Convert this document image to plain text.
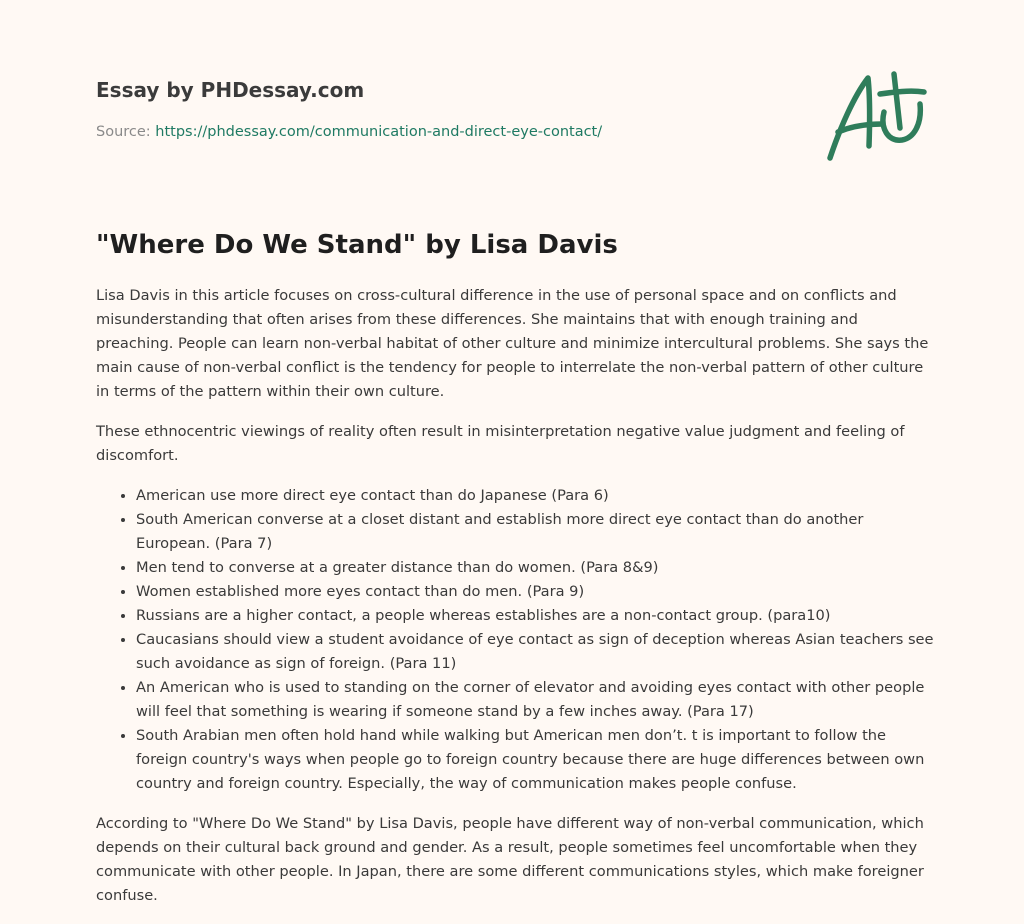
Essay by PHDessay.com
Source: https://phdessay.com/communication-and-direct-eye-contact/
"Where Do We Stand" by Lisa Davis

Lisa Davis in this article focuses on cross-cultural difference in the use of personal space and on conflicts and misunderstanding that often arises from these differences. She maintains that with enough training and preaching. People can learn non-verbal habitat of other culture and minimize intercultural problems. She says the main cause of non-verbal conflict is the tendency for people to interrelate the non-verbal pattern of other culture in terms of the pattern within their own culture.

These ethnocentric viewings of reality often result in misinterpretation negative value judgment and feeling of discomfort.

• American use more direct eye contact than do Japanese (Para 6)
• South American converse at a closet distant and establish more direct eye contact than do another European. (Para 7)
• Men tend to converse at a greater distance than do women. (Para 8&9)
• Women established more eyes contact than do men. (Para 9)
• Russians are a higher contact, a people whereas establishes are a non-contact group. (para10)
• Caucasians should view a student avoidance of eye contact as sign of deception whereas Asian teachers see such avoidance as sign of foreign. (Para 11)
• An American who is used to standing on the corner of elevator and avoiding eyes contact with other people will feel that something is wearing if someone stand by a few inches away. (Para 17)
• South Arabian men often hold hand while walking but American men don’t. t is important to follow the foreign country's ways when people go to foreign country because there are huge differences between own country and foreign country. Especially, the way of communication makes people confuse.

According to "Where Do We Stand" by Lisa Davis, people have different way of non-verbal communication, which depends on their cultural back ground and gender. As a result, people sometimes feel uncomfortable when they communicate with other people. In Japan, there are some different communications styles, which make foreigner confuse.
